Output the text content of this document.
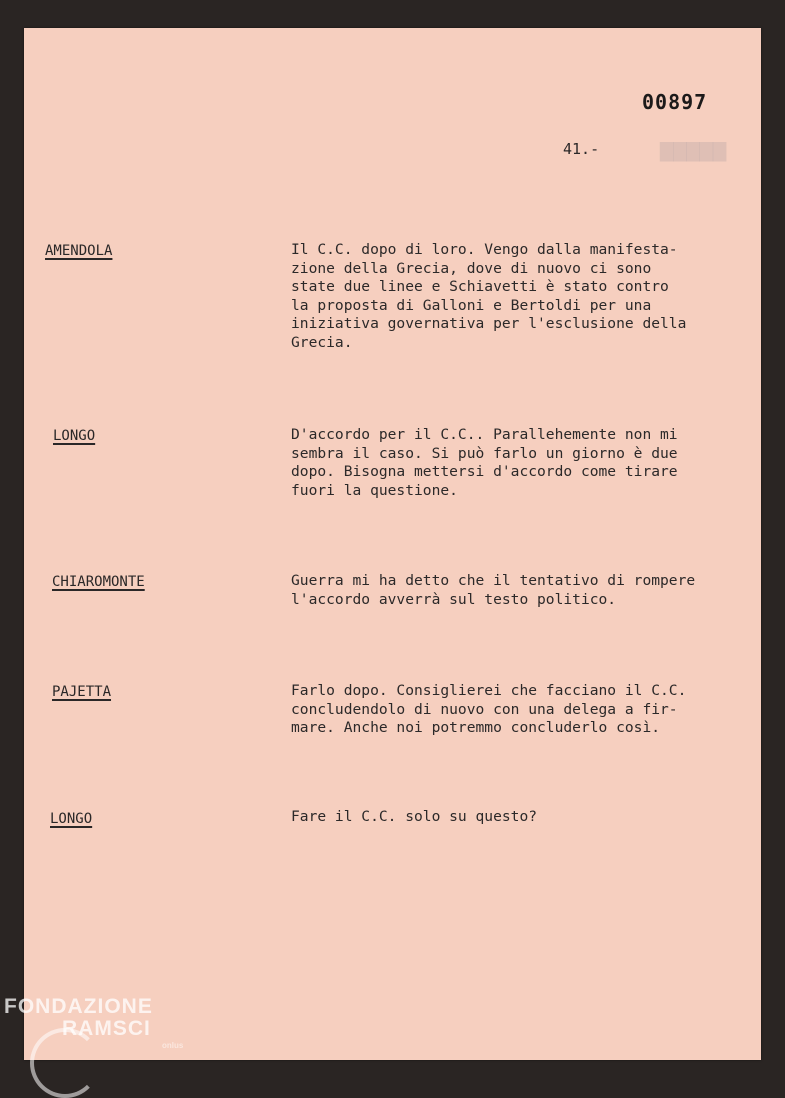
▆▆▆▆▆
00897
41.-
AMENDOLA	Il C.C. dopo di loro. Vengo dalla manifesta-
zione della Grecia, dove di nuovo ci sono
state due linee e Schiavetti è stato contro
la proposta di Galloni e Bertoldi per una
iniziativa governativa per l'esclusione della
Grecia.
LONGO	D'accordo per il C.C.. Parallehemente non mi
sembra il caso. Si può farlo un giorno è due
dopo. Bisogna mettersi d'accordo come tirare
fuori la questione.
CHIAROMONTE	Guerra mi ha detto che il tentativo di rompere
l'accordo avverrà sul testo politico.
PAJETTA	Farlo dopo. Consiglierei che facciano il C.C.
concludendolo di nuovo con una delega a fir-
mare. Anche noi potremmo concluderlo così.
LONGO	Fare il C.C. solo su questo?
FONDAZIONE
RAMSCI
onlus
